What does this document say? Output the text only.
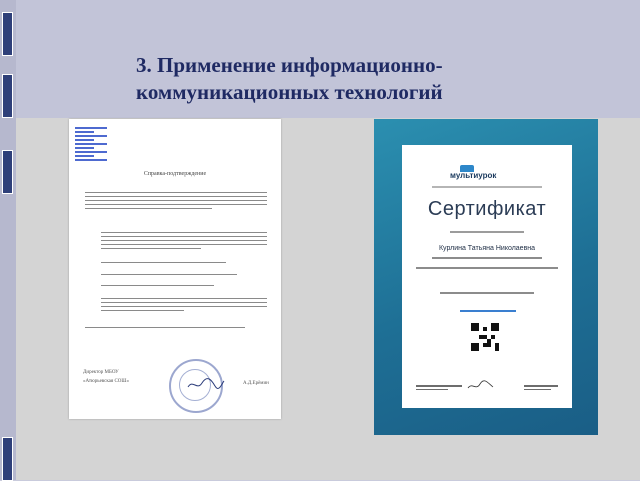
3. Применение информационно-
коммуникационных технологий
Справка-подтверждение
Директор МБОУ «Атюрьевская СОШ»	А.Д.Ерёмин
мультиурок
Сертификат
Курлина Татьяна Николаевна
